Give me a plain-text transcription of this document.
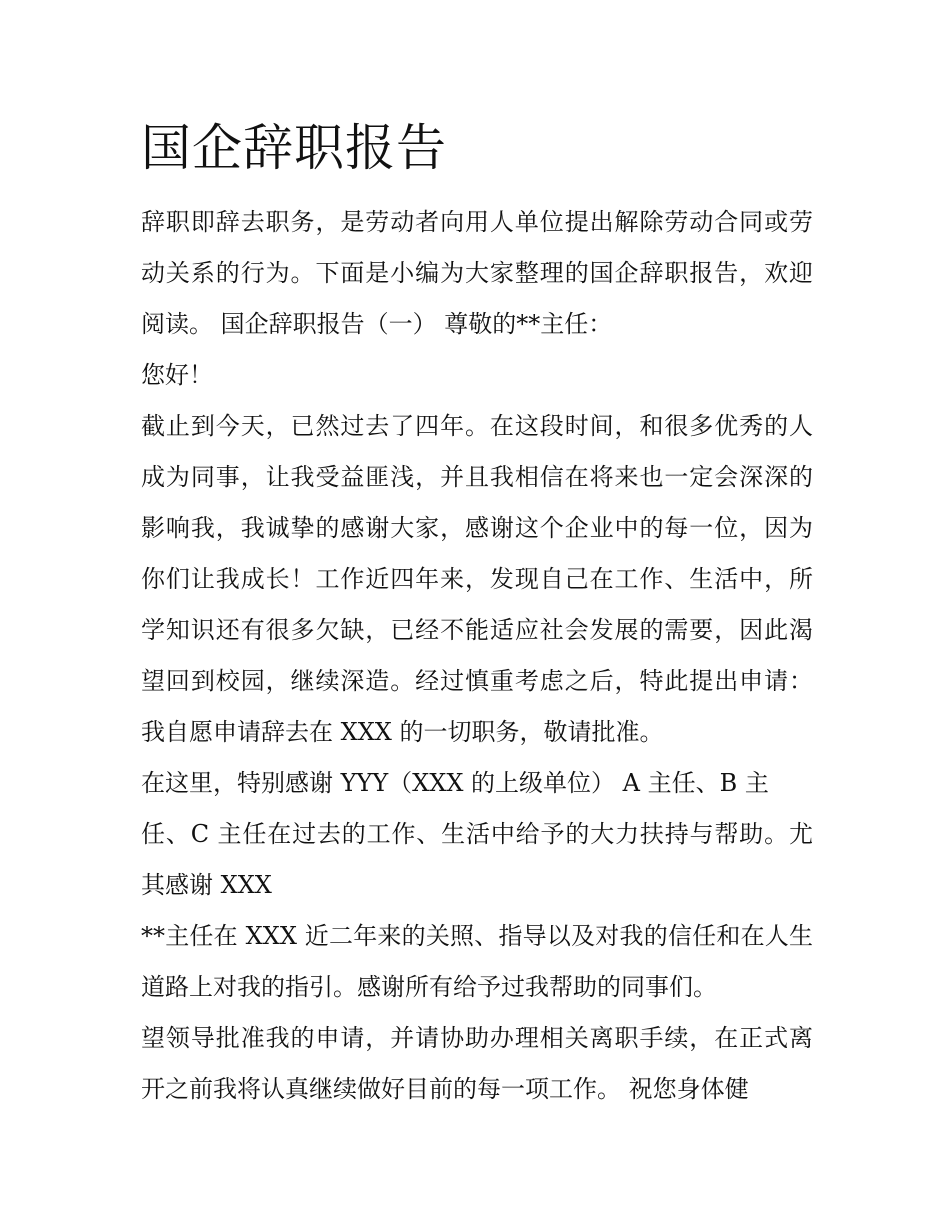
国企辞职报告
辞职即辞去职务，是劳动者向用人单位提出解除劳动合同或劳
动关系的行为。下面是小编为大家整理的国企辞职报告，欢迎
阅读。 国企辞职报告（一） 尊敬的**主任：
您好！
截止到今天，已然过去了四年。在这段时间，和很多优秀的人
成为同事，让我受益匪浅，并且我相信在将来也一定会深深的
影响我，我诚挚的感谢大家，感谢这个企业中的每一位，因为
你们让我成长！工作近四年来，发现自己在工作、生活中，所
学知识还有很多欠缺，已经不能适应社会发展的需要，因此渴
望回到校园，继续深造。经过慎重考虑之后，特此提出申请：
我自愿申请辞去在 XXX 的一切职务，敬请批准。
在这里，特别感谢 YYY（XXX 的上级单位） A 主任、B 主
任、C 主任在过去的工作、生活中给予的大力扶持与帮助。尤
其感谢 XXX
**主任在 XXX 近二年来的关照、指导以及对我的信任和在人生
道路上对我的指引。感谢所有给予过我帮助的同事们。
望领导批准我的申请，并请协助办理相关离职手续，在正式离
开之前我将认真继续做好目前的每一项工作。 祝您身体健
